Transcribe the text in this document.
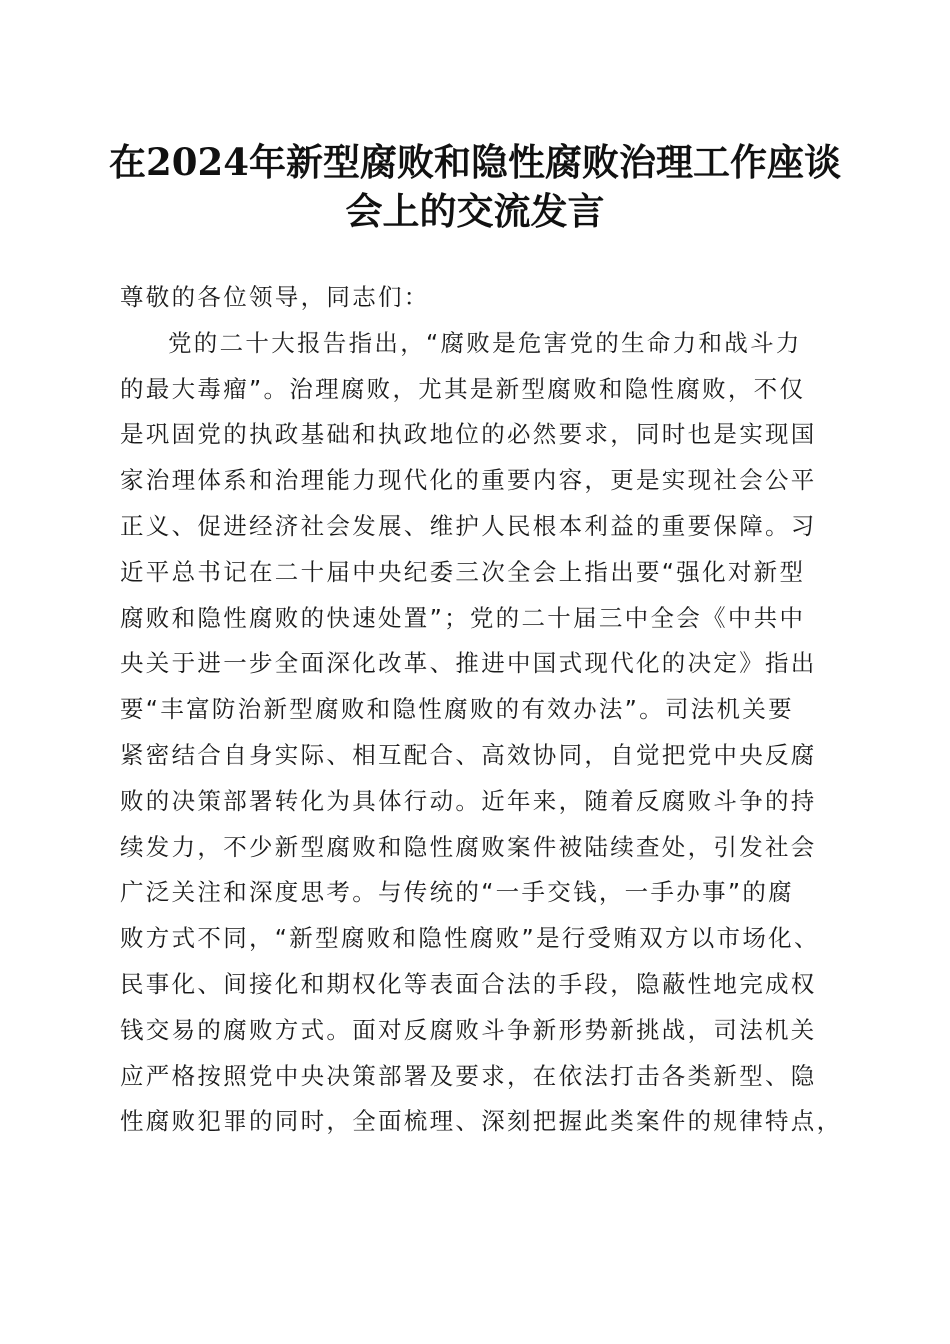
在2024年新型腐败和隐性腐败治理工作座谈
会上的交流发言
尊敬的各位领导，同志们：
党的二十大报告指出，“腐败是危害党的生命力和战斗力
的最大毒瘤”。治理腐败，尤其是新型腐败和隐性腐败，不仅
是巩固党的执政基础和执政地位的必然要求，同时也是实现国
家治理体系和治理能力现代化的重要内容，更是实现社会公平
正义、促进经济社会发展、维护人民根本利益的重要保障。习
近平总书记在二十届中央纪委三次全会上指出要“强化对新型
腐败和隐性腐败的快速处置”；党的二十届三中全会《中共中
央关于进一步全面深化改革、推进中国式现代化的决定》指出
要“丰富防治新型腐败和隐性腐败的有效办法”。司法机关要
紧密结合自身实际、相互配合、高效协同，自觉把党中央反腐
败的决策部署转化为具体行动。近年来，随着反腐败斗争的持
续发力，不少新型腐败和隐性腐败案件被陆续查处，引发社会
广泛关注和深度思考。与传统的“一手交钱，一手办事”的腐
败方式不同，“新型腐败和隐性腐败”是行受贿双方以市场化、
民事化、间接化和期权化等表面合法的手段，隐蔽性地完成权
钱交易的腐败方式。面对反腐败斗争新形势新挑战，司法机关
应严格按照党中央决策部署及要求，在依法打击各类新型、隐
性腐败犯罪的同时，全面梳理、深刻把握此类案件的规律特点，
